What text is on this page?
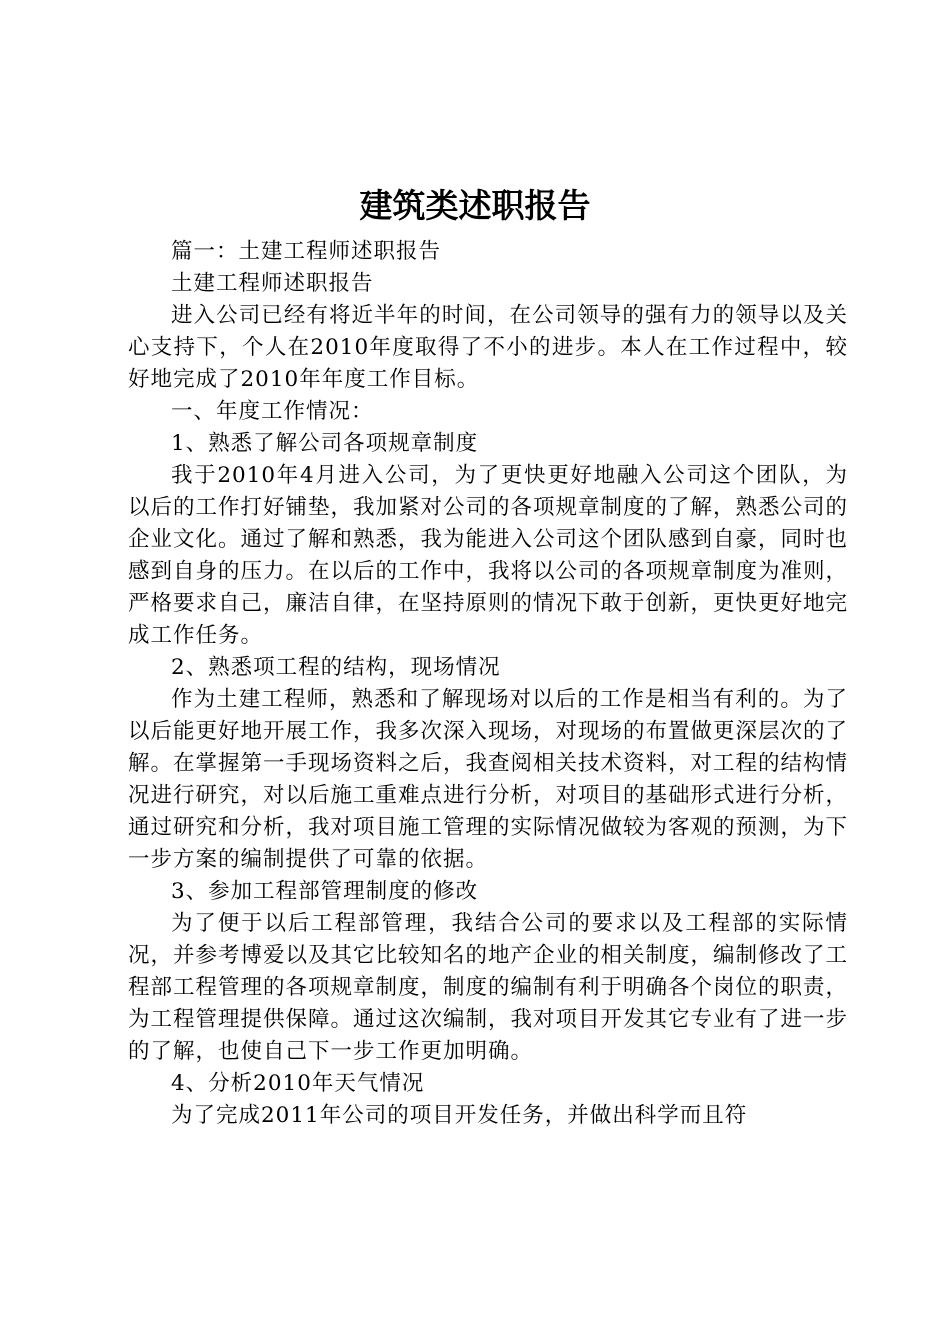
建筑类述职报告

篇一：土建工程师述职报告

土建工程师述职报告

进入公司已经有将近半年的时间，在公司领导的强有力的领导以及关心支持下，个人在2010年度取得了不小的进步。本人在工作过程中，较好地完成了2010年年度工作目标。

一、年度工作情况：

1、熟悉了解公司各项规章制度

我于2010年4月进入公司，为了更快更好地融入公司这个团队，为以后的工作打好铺垫，我加紧对公司的各项规章制度的了解，熟悉公司的企业文化。通过了解和熟悉，我为能进入公司这个团队感到自豪，同时也感到自身的压力。在以后的工作中，我将以公司的各项规章制度为准则，严格要求自己，廉洁自律，在坚持原则的情况下敢于创新，更快更好地完成工作任务。

2、熟悉项工程的结构，现场情况

作为土建工程师，熟悉和了解现场对以后的工作是相当有利的。为了以后能更好地开展工作，我多次深入现场，对现场的布置做更深层次的了解。在掌握第一手现场资料之后，我查阅相关技术资料，对工程的结构情况进行研究，对以后施工重难点进行分析，对项目的基础形式进行分析，通过研究和分析，我对项目施工管理的实际情况做较为客观的预测，为下一步方案的编制提供了可靠的依据。

3、参加工程部管理制度的修改

为了便于以后工程部管理，我结合公司的要求以及工程部的实际情况，并参考博爱以及其它比较知名的地产企业的相关制度，编制修改了工程部工程管理的各项规章制度，制度的编制有利于明确各个岗位的职责，为工程管理提供保障。通过这次编制，我对项目开发其它专业有了进一步的了解，也使自己下一步工作更加明确。

4、分析2010年天气情况

为了完成2011年公司的项目开发任务，并做出科学而且符
